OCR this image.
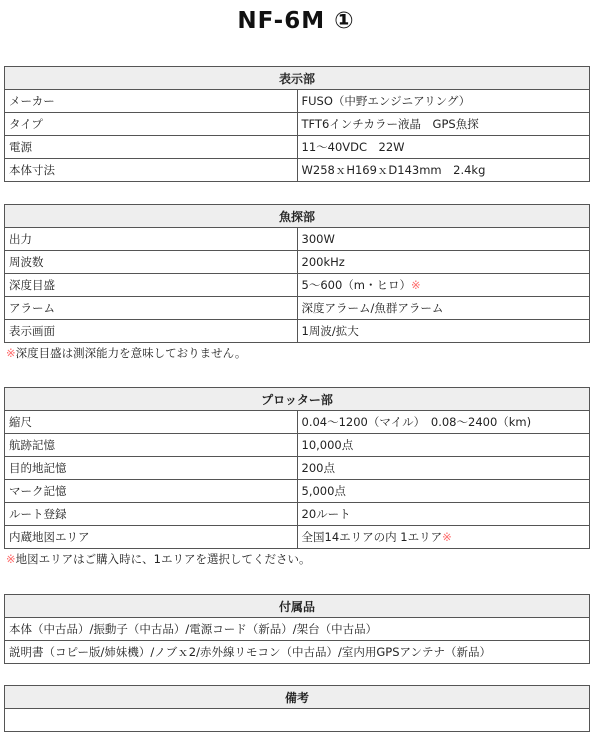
NF-6M ①
表示部	
メーカー	FUSO（中野エンジニアリング）
タイプ	TFT6インチカラー液晶　GPS魚探
電源	11～40VDC　22W
本体寸法	W258ｘH169ｘD143mm　2.4kg
魚探部	
出力	300W
周波数	200kHz
深度目盛	5～600（m・ヒロ）※
アラーム	深度アラーム/魚群アラーム
表示画面	1周波/拡大
※深度目盛は測深能力を意味しておりません。
プロッター部	
縮尺	0.04～1200（マイル）　0.08～2400（km)
航跡記憶	10,000点
目的地記憶	200点
マーク記憶	5,000点
ルート登録	20ルート
内蔵地図エリア	全国14エリアの内 1エリア※
※地図エリアはご購入時に、1エリアを選択してください。
付属品
本体（中古品）/振動子（中古品）/電源コード（新品）/架台（中古品）
説明書（コピー版/姉妹機）/ノブｘ2/赤外線リモコン（中古品）/室内用GPSアンテナ（新品）
備考
